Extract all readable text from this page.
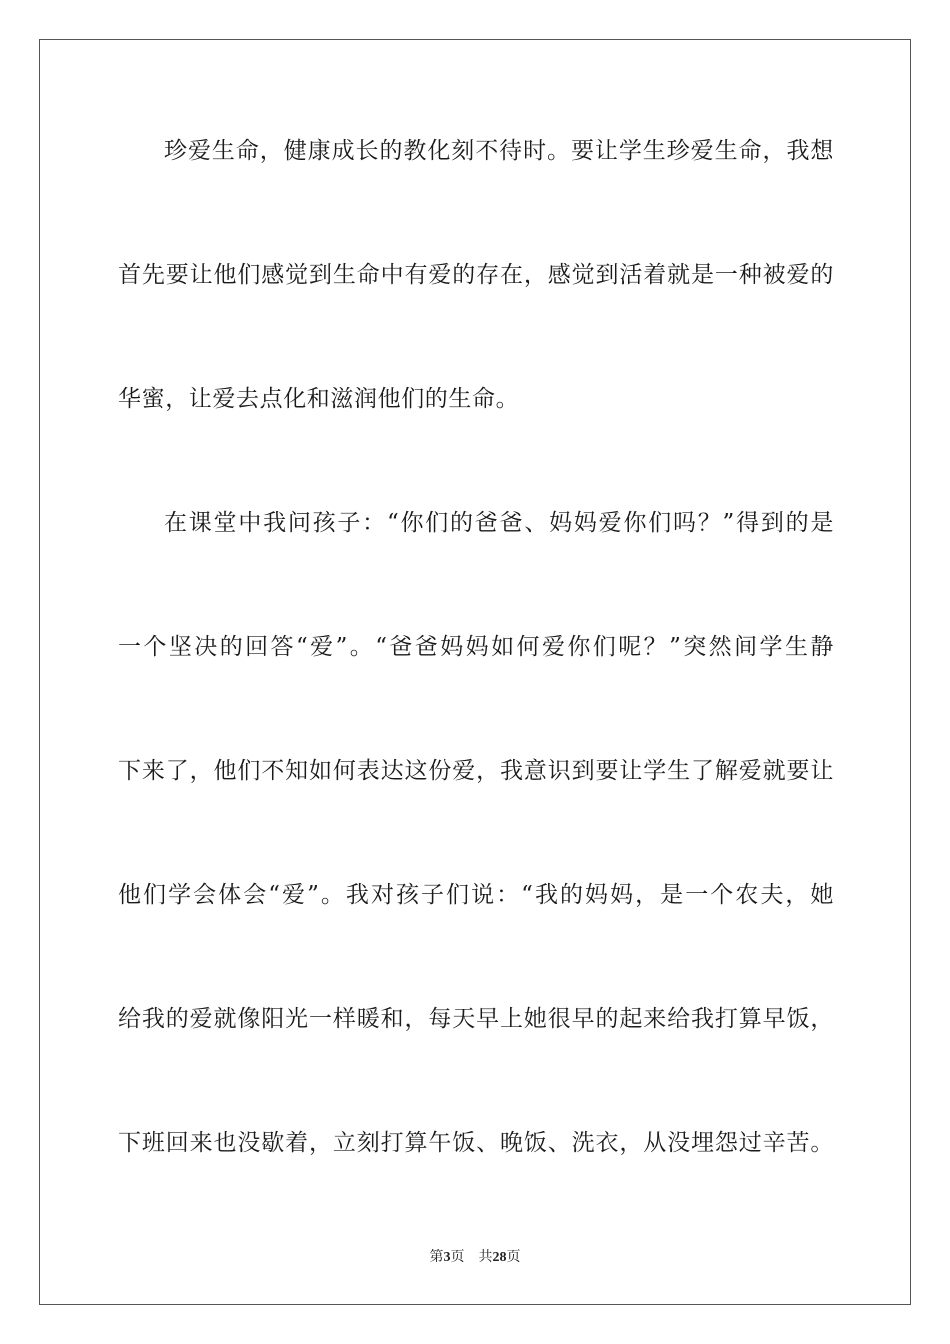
珍爱生命，健康成长的教化刻不待时。要让学生珍爱生命，我想

首先要让他们感觉到生命中有爱的存在，感觉到活着就是一种被爱的

华蜜，让爱去点化和滋润他们的生命。

在课堂中我问孩子：“你们的爸爸、妈妈爱你们吗？”得到的是

一个坚决的回答“爱”。“爸爸妈妈如何爱你们呢？”突然间学生静

下来了，他们不知如何表达这份爱，我意识到要让学生了解爱就要让

他们学会体会“爱”。我对孩子们说：“我的妈妈，是一个农夫，她

给我的爱就像阳光一样暖和，每天早上她很早的起来给我打算早饭，

下班回来也没歇着，立刻打算午饭、晚饭、洗衣，从没埋怨过辛苦。

第3页 共28页
